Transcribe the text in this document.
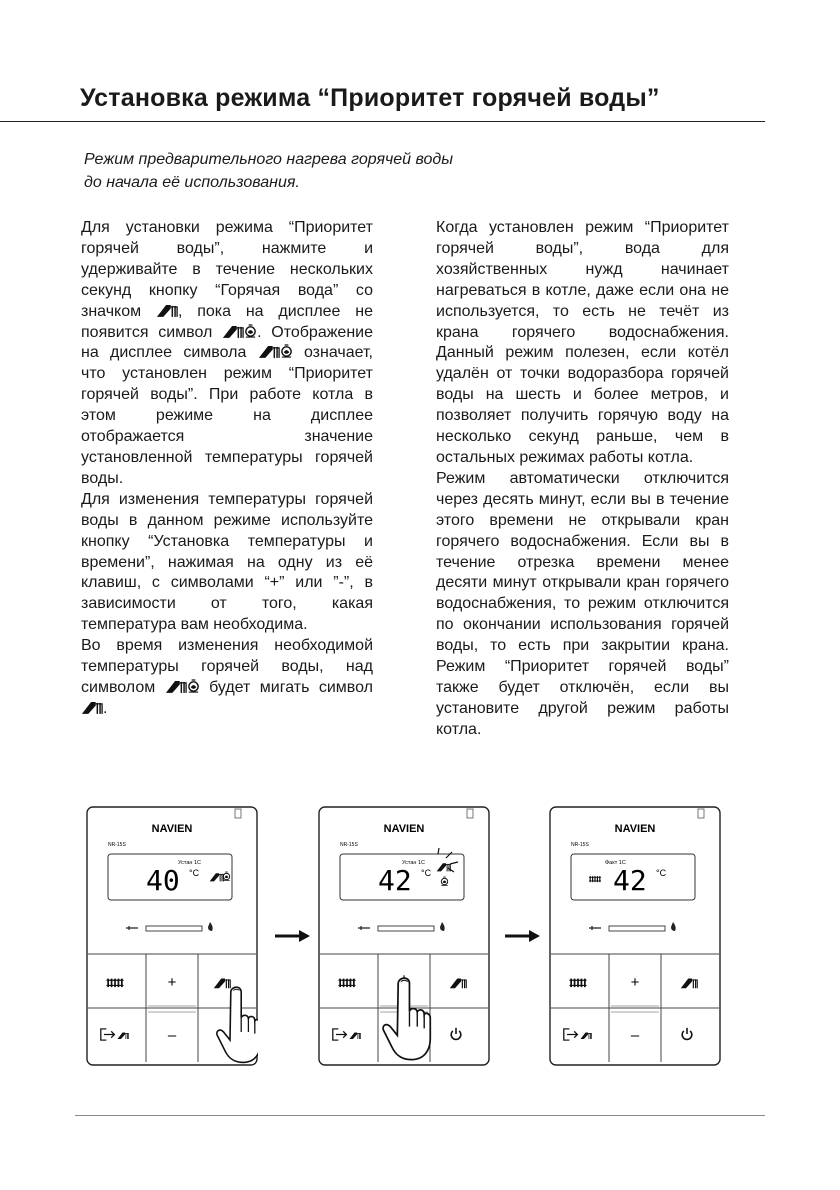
Установка режима “Приоритет горячей воды”
Режим предварительного нагрева горячей воды
до начала её использования.

Для установки режима “Приоритет горячей воды”, нажмите и удерживайте в течение нескольких секунд кнопку “Горячая вода” со значком , пока на дисплее не появится символ . Отображение на дисплее символа  означает, что установлен режим “Приоритет горячей воды”. При работе котла в этом режиме на дисплее отображается значение установленной температуры горячей воды.

Для изменения температуры горячей воды в данном режиме используйте кнопку “Установка температуры и времени”, нажимая на одну из её клавиш, с символами “+” или ”-”, в зависимости от того, какая температура вам необходима.

Во время изменения необходимой температуры горячей воды, над символом  будет мигать символ .

Когда установлен режим “Приоритет горячей воды”, вода для хозяйственных нужд начинает нагреваться в котле, даже если она не используется, то есть не течёт из крана горячего водоснабжения. Данный режим полезен, если котёл удалён от точки водоразбора горячей воды на шесть и более метров, и позволяет получить горячую воду на несколько секунд раньше, чем в остальных режимах работы котла.

Режим автоматически отключится через десять минут, если вы в течение этого времени не открывали кран горячего водоснабжения. Если вы в течение отрезка времени менее десяти минут открывали кран горячего водоснабжения, то режим отключится по окончании использования горячей воды, то есть при закрытии крана. Режим “Приоритет горячей воды” также будет отключён, если вы установите другой режим работы котла.

NAVIEN
NR-15S
Устан 1С
40 °С
+
–
NAVIEN
NR-15S
Устан 1С
42 °С
NAVIEN
NR-15S
Факт 1С
42 °С
+
–
